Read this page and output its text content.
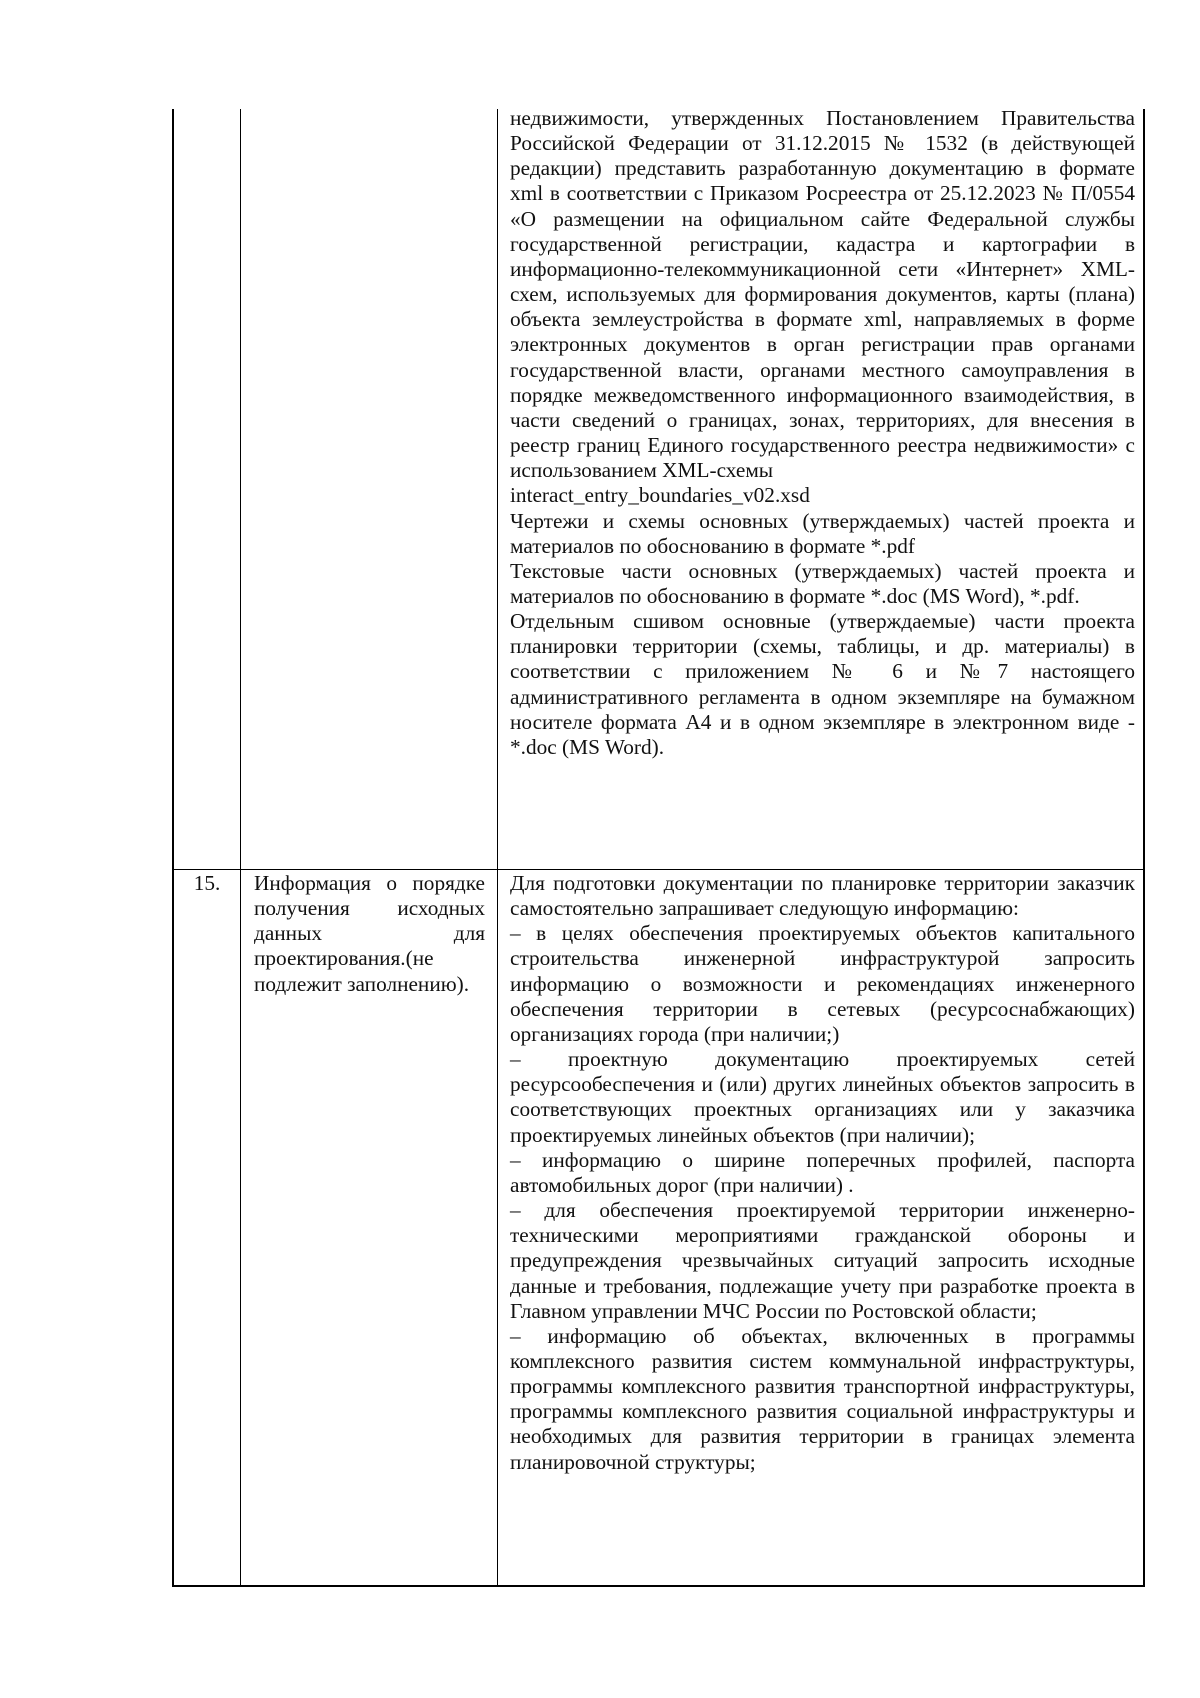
недвижимости, утвержденных Постановлением Правительства Российской Федерации от 31.12.2015 № 1532 (в действующей редакции) представить разработанную документацию в формате xml в соответствии с Приказом Росреестра от 25.12.2023 № П/0554 «О размещении на официальном сайте Федеральной службы государственной регистрации, кадастра и картографии в информационно-телекоммуникационной сети «Интернет» XML-схем, используемых для формирования документов, карты (плана) объекта землеустройства в формате xml, направляемых в форме электронных документов в орган регистрации прав органами государственной власти, органами местного самоуправления в порядке межведомственного информационного взаимодействия, в части сведений о границах, зонах, территориях, для внесения в реестр границ Единого государственного реестра недвижимости» с использованием XML-схемы

interact_entry_boundaries_v02.xsd

Чертежи и схемы основных (утверждаемых) частей проекта и материалов по обоснованию в формате *.pdf

Текстовые части основных (утверждаемых) частей проекта и материалов по обоснованию в формате *.doc (MS Word), *.pdf.

Отдельным сшивом основные (утверждаемые) части проекта планировки территории (схемы, таблицы, и др. материалы) в соответствии с приложением № 6 и №7 настоящего административного регламента в одном экземпляре на бумажном носителе формата А4 и в одном экземпляре в электронном виде -*.doc (MS Word).

15.	Информация о порядке получения исходных данных для проектирования.(не подлежит заполнению).

Для подготовки документации по планировке территории заказчик самостоятельно запрашивает следующую информацию:

– в целях обеспечения проектируемых объектов капитального строительства инженерной инфраструктурой запросить информацию о возможности и рекомендациях инженерного обеспечения территории в сетевых (ресурсоснабжающих) организациях города (при наличии;)

– проектную документацию проектируемых сетей ресурсообеспечения и (или) других линейных объектов запросить в соответствующих проектных организациях или у заказчика проектируемых линейных объектов (при наличии);

– информацию о ширине поперечных профилей, паспорта автомобильных дорог (при наличии) .

– для обеспечения проектируемой территории инженерно-техническими мероприятиями гражданской обороны и предупреждения чрезвычайных ситуаций запросить исходные данные и требования, подлежащие учету при разработке проекта в Главном управлении МЧС России по Ростовской области;

– информацию об объектах, включенных в программы комплексного развития систем коммунальной инфраструктуры, программы комплексного развития транспортной инфраструктуры, программы комплексного развития социальной инфраструктуры и необходимых для развития территории в границах элемента планировочной структуры;
